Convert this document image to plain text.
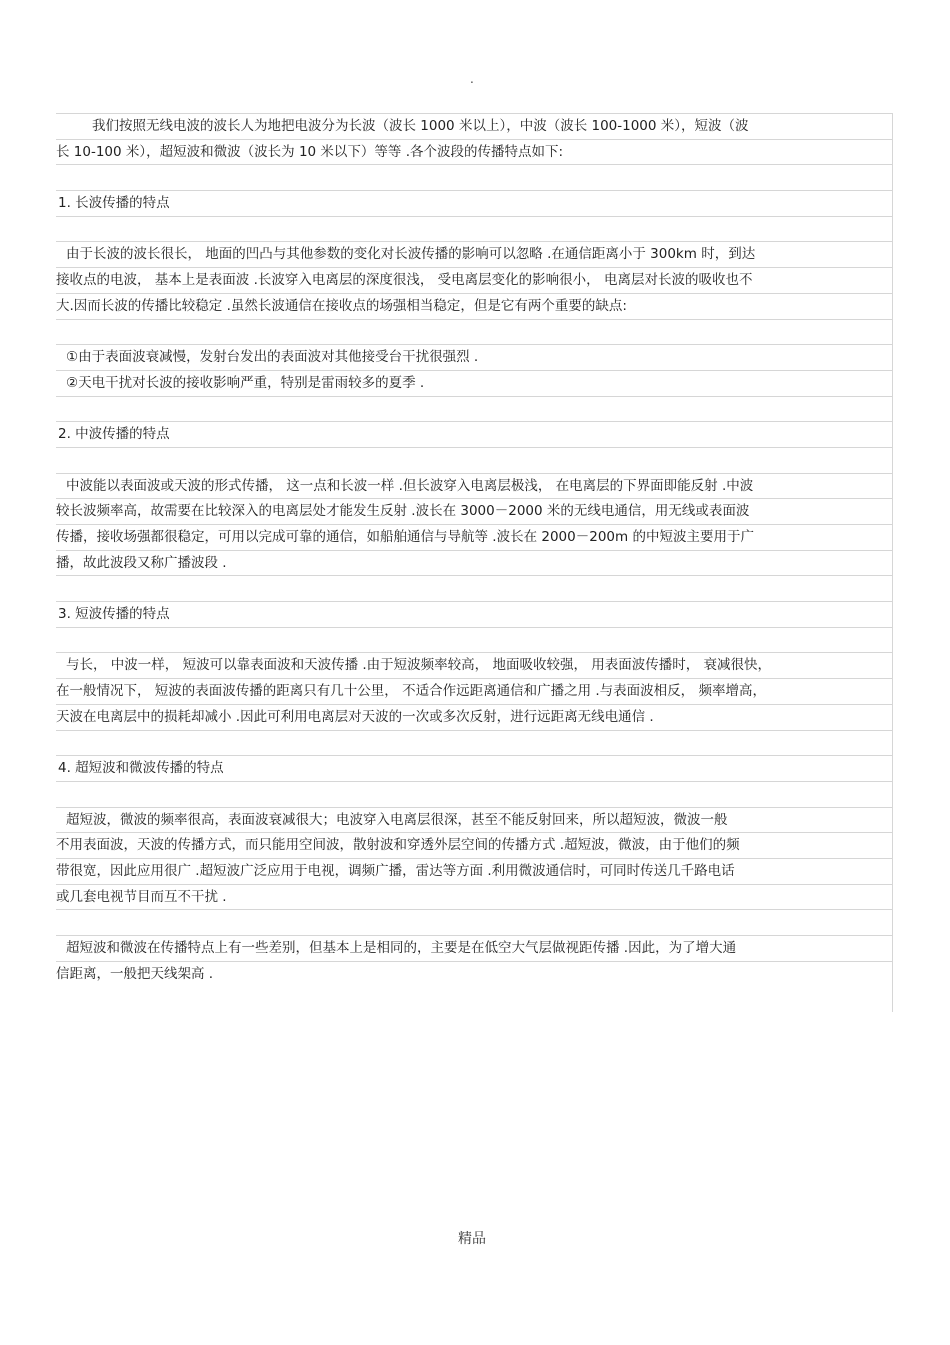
.
我们按照无线电波的波长人为地把电波分为长波（波长 1000 米以上），中波（波长 100-1000 米），短波（波
长 10-100 米），超短波和微波（波长为 10 米以下）等等 .各个波段的传播特点如下:
1. 长波传播的特点
由于长波的波长很长， 地面的凹凸与其他参数的变化对长波传播的影响可以忽略 .在通信距离小于 300km 时，到达
接收点的电波， 基本上是表面波 .长波穿入电离层的深度很浅， 受电离层变化的影响很小， 电离层对长波的吸收也不
大.因而长波的传播比较稳定 .虽然长波通信在接收点的场强相当稳定，但是它有两个重要的缺点:
①由于表面波衰减慢，发射台发出的表面波对其他接受台干扰很强烈 .
②天电干扰对长波的接收影响严重，特别是雷雨较多的夏季 .
2. 中波传播的特点
中波能以表面波或天波的形式传播， 这一点和长波一样 .但长波穿入电离层极浅， 在电离层的下界面即能反射 .中波
较长波频率高，故需要在比较深入的电离层处才能发生反射 .波长在 3000－2000 米的无线电通信，用无线或表面波
传播，接收场强都很稳定，可用以完成可靠的通信，如船舶通信与导航等 .波长在 2000－200m 的中短波主要用于广
播，故此波段又称广播波段 .
3. 短波传播的特点
与长， 中波一样， 短波可以靠表面波和天波传播 .由于短波频率较高， 地面吸收较强， 用表面波传播时， 衰减很快，
在一般情况下， 短波的表面波传播的距离只有几十公里， 不适合作远距离通信和广播之用 .与表面波相反， 频率增高，
天波在电离层中的损耗却减小 .因此可利用电离层对天波的一次或多次反射，进行远距离无线电通信 .
4. 超短波和微波传播的特点
超短波，微波的频率很高，表面波衰减很大；电波穿入电离层很深，甚至不能反射回来，所以超短波，微波一般
不用表面波，天波的传播方式，而只能用空间波，散射波和穿透外层空间的传播方式 .超短波，微波，由于他们的频
带很宽，因此应用很广 .超短波广泛应用于电视，调频广播，雷达等方面 .利用微波通信时，可同时传送几千路电话
或几套电视节目而互不干扰 .
超短波和微波在传播特点上有一些差别，但基本上是相同的，主要是在低空大气层做视距传播 .因此，为了增大通
信距离，一般把天线架高 .
精品
